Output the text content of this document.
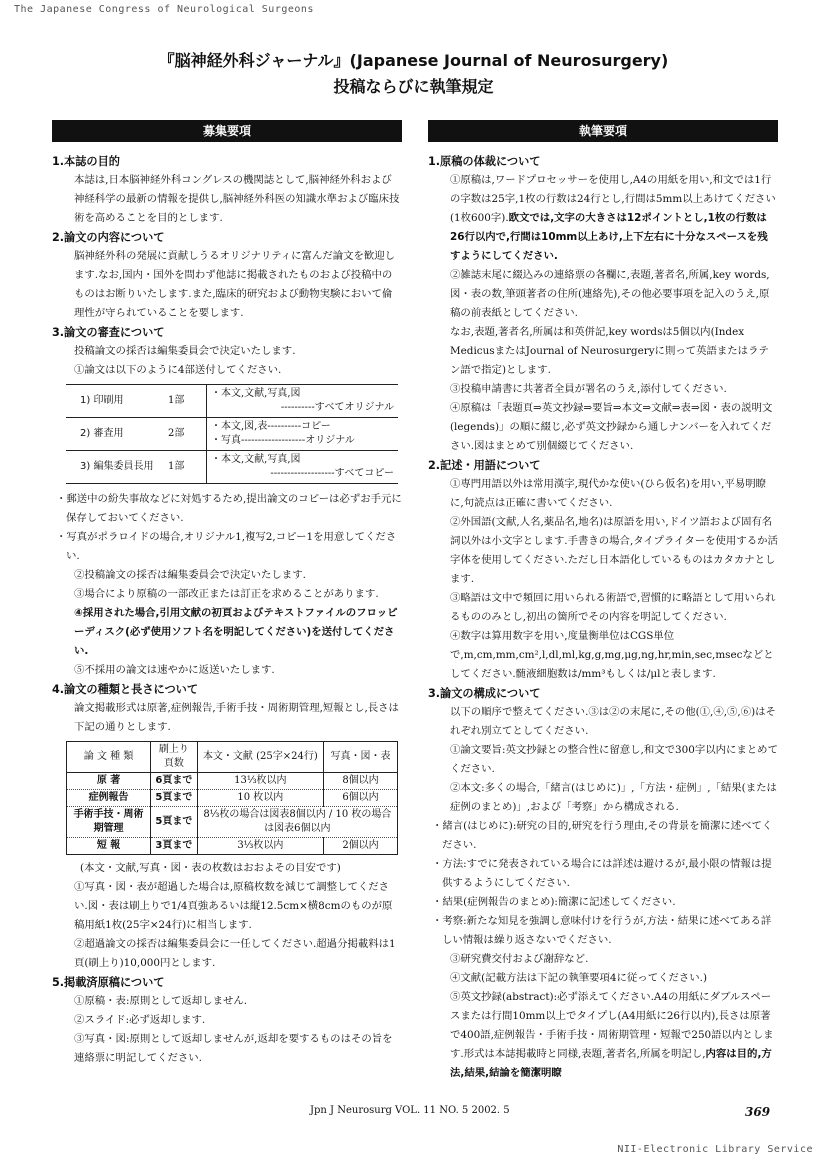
The Japanese Congress of Neurological Surgeons
『脳神経外科ジャーナル』(Japanese Journal of Neurosurgery)
投稿ならびに執筆規定
募集要項

1.本誌の目的

本誌は,日本脳神経外科コングレスの機関誌として,脳神経外科および神経科学の最新の情報を提供し,脳神経外科医の知識水準および臨床技術を高めることを目的とします.

2.論文の内容について

脳神経外科の発展に貢献しうるオリジナリティに富んだ論文を歓迎します.なお,国内・国外を問わず他誌に掲載されたものおよび投稿中のものはお断りいたします.また,臨床的研究および動物実験において倫理性が守られていることを要します.

3.論文の審査について

投稿論文の採否は編集委員会で決定いたします.

①論文は以下のように4部送付してください.

1) 印刷用	1部	・本文,文献,写真,図
----------すべてオリジナル

2) 審査用	2部	・本文,図,表----------コピー
・写真-------------------オリジナル

3) 編集委員長用	1部	・本文,文献,写真,図
-------------------すべてコピー

・郵送中の紛失事故などに対処するため,提出論文のコピーは必ずお手元に保存しておいてください.

・写真がポラロイドの場合,オリジナル1,複写2,コピー1を用意してください.

②投稿論文の採否は編集委員会で決定いたします.

③場合により原稿の一部改正または訂正を求めることがあります.

④採用された場合,引用文献の初頁およびテキストファイルのフロッピーディスク(必ず使用ソフト名を明記してください)を送付してください.

⑤不採用の論文は速やかに返送いたします.

4.論文の種類と長さについて

論文掲載形式は原著,症例報告,手術手技・周術期管理,短報とし,長さは下記の通りとします.

論 文 種 類	刷上り頁数	本文・文献 (25字×24行)	写真・図・表
原 著	6頁まで	13⅓枚以内	8個以内
症例報告	5頁まで	10 枚以内	6個以内
手術手技・周術期管理	5頁まで	8⅓枚の場合は図表8個以内 / 10 枚の場合は図表6個以内	
短 報	3頁まで	3⅓枚以内	2個以内

(本文・文献,写真・図・表の枚数はおおよその目安です)

①写真・図・表が超過した場合は,原稿枚数を減じて調整してください.図・表は刷上りで1/4頁強あるいは縦12.5cm×横8cmのものが原稿用紙1枚(25字×24行)に相当します.

②超過論文の採否は編集委員会に一任してください.超過分掲載料は1頁(刷上り)10,000円とします.

5.掲載済原稿について

①原稿・表:原則として返却しません.

②スライド:必ず返却します.

③写真・図:原則として返却しませんが,返却を要するものはその旨を連絡票に明記してください.

執筆要項

1.原稿の体裁について

①原稿は,ワードプロセッサーを使用し,A4の用紙を用い,和文では1行の字数は25字,1枚の行数は24行とし,行間は5mm以上あけてください(1枚600字).欧文では,文字の大きさは12ポイントとし,1枚の行数は26行以内で,行間は10mm以上あけ,上下左右に十分なスペースを残すようにしてください.

②雑誌末尾に綴込みの連絡票の各欄に,表題,著者名,所属,key words,図・表の数,筆頭著者の住所(連絡先),その他必要事項を記入のうえ,原稿の前表紙としてください.

なお,表題,著者名,所属は和英併記,key wordsは5個以内(Index MedicusまたはJournal of Neurosurgeryに則って英語またはラテン語で指定)とします.

③投稿申請書に共著者全員が署名のうえ,添付してください.

④原稿は「表題頁⇒英文抄録⇒要旨⇒本文⇒文献⇒表⇒図・表の説明文(legends)」の順に綴じ,必ず英文抄録から通しナンバーを入れてください.図はまとめて別個綴じてください.

2.記述・用語について

①専門用語以外は常用漢字,現代かな使い(ひら仮名)を用い,平易明瞭に,句読点は正確に書いてください.

②外国語(文献,人名,薬品名,地名)は原語を用い,ドイツ語および固有名詞以外は小文字とします.手書きの場合,タイプライターを使用するか活字体を使用してください.ただし日本語化しているものはカタカナとします.

③略語は文中で頻回に用いられる術語で,習慣的に略語として用いられるもののみとし,初出の箇所でその内容を明記してください.

④数字は算用数字を用い,度量衡単位はCGS単位で,m,cm,mm,cm²,l,dl,ml,kg,g,mg,μg,ng,hr,min,sec,msecなどとしてください.髄液細胞数は/mm³もしくは/μlと表します.

3.論文の構成について

以下の順序で整えてください.③は②の末尾に,その他(①,④,⑤,⑥)はそれぞれ別立てとしてください.

①論文要旨:英文抄録との整合性に留意し,和文で300字以内にまとめてください.

②本文:多くの場合,「緒言(はじめに)」,「方法・症例」,「結果(または症例のまとめ)」,および「考察」から構成される.

・緒言(はじめに):研究の目的,研究を行う理由,その背景を簡潔に述べてください.

・方法:すでに発表されている場合には詳述は避けるが,最小限の情報は提供するようにしてください.

・結果(症例報告のまとめ):簡潔に記述してください.

・考察:新たな知見を強調し意味付けを行うが,方法・結果に述べてある詳しい情報は繰り返さないでください.

③研究費交付および謝辞など.

④文献(記載方法は下記の執筆要項4に従ってください.)

⑤英文抄録(abstract):必ず添えてください.A4の用紙にダブルスペースまたは行間10mm以上でタイプし(A4用紙に26行以内),長さは原著で400語,症例報告・手術手技・周術期管理・短報で250語以内とします.形式は本誌掲載時と同様,表題,著者名,所属を明記し,内容は目的,方法,結果,結論を簡潔明瞭

Jpn J Neurosurg VOL. 11 NO. 5 2002. 5	369
NII-Electronic Library Service
